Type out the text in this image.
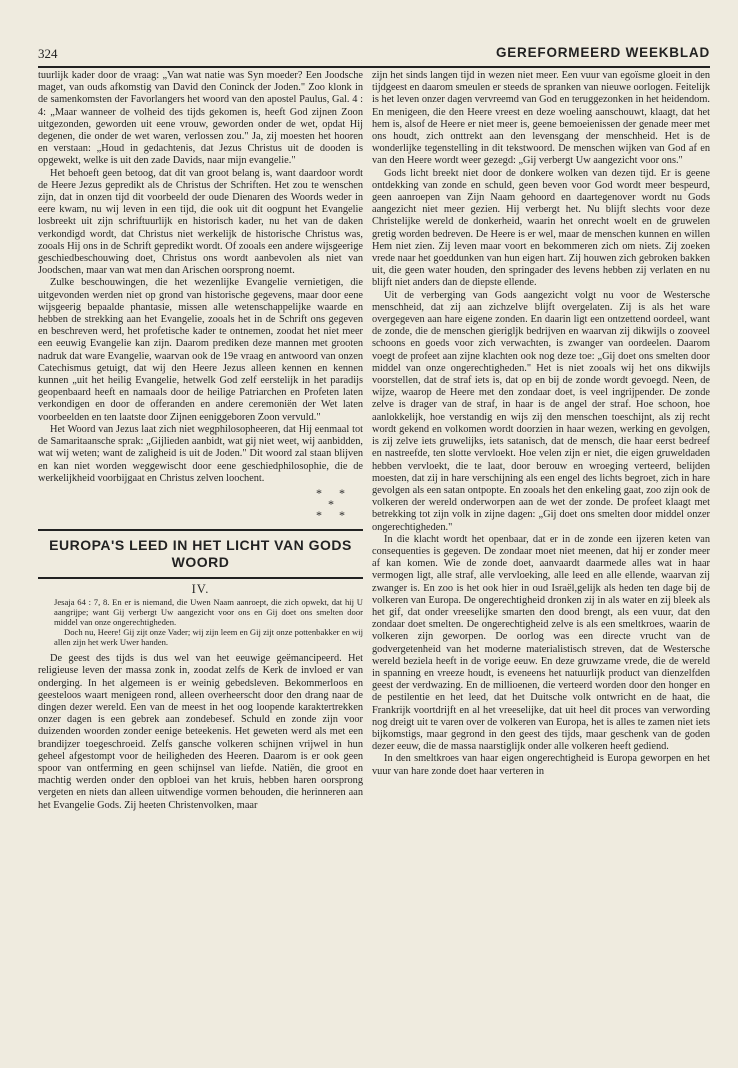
324	GEREFORMEERD WEEKBLAD

tuurlijk kader door de vraag: „Van wat natie was Syn moeder? Een Joodsche maget, van ouds afkomstig van David den Coninck der Joden." Zoo klonk in de samenkomsten der Favorlangers het woord van den apostel Paulus, Gal. 4 : 4: „Maar wanneer de volheid des tijds gekomen is, heeft God zijnen Zoon uitgezonden, geworden uit eene vrouw, geworden onder de wet, opdat Hij degenen, die onder de wet waren, verlossen zou." Ja, zij moesten het hooren en verstaan: „Houd in gedachtenis, dat Jezus Christus uit de dooden is opgewekt, welke is uit den zade Davids, naar mijn evangelie."

Het behoeft geen betoog, dat dit van groot belang is, want daardoor wordt de Heere Jezus gepredikt als de Christus der Schriften. Het zou te wenschen zijn, dat in onzen tijd dit voorbeeld der oude Dienaren des Woords weder in eere kwam, nu wij leven in een tijd, die ook uit dit oogpunt het Evangelie losbreekt uit zijn schriftuurlijk en historisch kader, nu het van de daken verkondigd wordt, dat Christus niet werkelijk de historische Christus was, zooals Hij ons in de Schrift gepredikt wordt. Of zooals een andere wijsgeerige geschiedbeschouwing doet, Christus ons wordt aanbevolen als niet van Joodschen, maar van wat men dan Arischen oorsprong noemt.

Zulke beschouwingen, die het wezenlijke Evangelie vernietigen, die uitgevonden werden niet op grond van historische gegevens, maar door eene wijsgeerig bepaalde phantasie, missen alle wetenschappelijke waarde en hebben de strekking aan het Evangelie, zooals het in de Schrift ons gegeven en beschreven werd, het profetische kader te ontnemen, zoodat het niet meer een eeuwig Evangelie kan zijn. Daarom prediken deze mannen met grooten nadruk dat ware Evangelie, waarvan ook de 19e vraag en antwoord van onzen Catechismus getuigt, dat wij den Heere Jezus alleen kennen en kennen kunnen „uit het heilig Evangelie, hetwelk God zelf eerstelijk in het paradijs geopenbaard heeft en namaals door de heilige Patriarchen en Profeten laten verkondigen en door de offeranden en andere ceremoniën der Wet laten voorbeelden en ten laatste door Zijnen eeniggeboren Zoon vervuld."

Het Woord van Jezus laat zich niet wegphilosopheeren, dat Hij eenmaal tot de Samaritaansche sprak: „Gijlieden aanbidt, wat gij niet weet, wij aanbidden, wat wij weten; want de zaligheid is uit de Joden." Dit woord zal staan blijven en kan niet worden weggewischt door eene geschiedphilosophie, die de werkelijkheid voorbijgaat en Christus zelven loochent.

* *
*
* *
EUROPA'S LEED IN HET LICHT VAN GODS WOORD
IV.

Jesaja 64 : 7, 8. En er is niemand, die Uwen Naam aanroept, die zich opwekt, dat hij U aangrijpe; want Gij verbergt Uw aangezicht voor ons en Gij doet ons smelten door middel van onze ongerechtigheden.

Doch nu, Heere! Gij zijt onze Vader; wij zijn leem en Gij zijt onze pottenbakker en wij allen zijn het werk Uwer handen.

De geest des tijds is dus wel van het eeuwige geëmancipeerd. Het religieuse leven der massa zonk in, zoodat zelfs de Kerk de invloed er van onderging. In het algemeen is er weinig gebedsleven. Bekommerloos en geesteloos waart menigeen rond, alleen overheerscht door den drang naar de dingen dezer wereld. Een van de meest in het oog loopende karaktertrekken onzer dagen is een gebrek aan zondebesef. Schuld en zonde zijn voor duizenden woorden zonder eenige beteekenis. Het geweten werd als met een brandijzer toegeschroeid. Zelfs gansche volkeren schijnen vrijwel in hun geheel afgestompt voor de heiligheden des Heeren. Daarom is er ook geen spoor van ontferming en geen schijnsel van liefde. Natiën, die groot en machtig werden onder den opbloei van het kruis, hebben haren oorsprong vergeten en niets dan alleen uitwendige vormen behouden, die herinneren aan het Evangelie Gods. Zij heeten Christenvolken, maar

zijn het sinds langen tijd in wezen niet meer. Een vuur van egoïsme gloeit in den tijdgeest en daarom smeulen er steeds de spranken van nieuwe oorlogen. Feitelijk is het leven onzer dagen vervreemd van God en teruggezonken in het heidendom. En menigeen, die den Heere vreest en deze woeling aanschouwt, klaagt, dat het hem is, alsof de Heere er niet meer is, geene bemoeienissen der genade meer met ons houdt, zich onttrekt aan den levensgang der menschheid. Het is de wonderlijke tegenstelling in dit tekstwoord. De menschen wijken van God af en van den Heere wordt weer gezegd: „Gij verbergt Uw aangezicht voor ons."

Gods licht breekt niet door de donkere wolken van dezen tijd. Er is geene ontdekking van zonde en schuld, geen beven voor God wordt meer bespeurd, geen aanroepen van Zijn Naam gehoord en daartegenover wordt nu Gods aangezicht niet meer gezien. Hij verbergt het. Nu blijft slechts voor deze Christelijke wereld de donkerheid, waarin het onrecht woelt en de gruwelen gretig worden bedreven. De Heere is er wel, maar de menschen kunnen en willen Hem niet zien. Zij leven maar voort en bekommeren zich om niets. Zij zoeken vrede naar het goeddunken van hun eigen hart. Zij houwen zich gebroken bakken uit, die geen water houden, den springader des levens hebben zij verlaten en nu blijft niet anders dan de diepste ellende.

Uit de verberging van Gods aangezicht volgt nu voor de Westersche menschheid, dat zij aan zichzelve blijft overgelaten. Zij is als het ware overgegeven aan hare eigene zonden. En daarin ligt een ontzettend oordeel, want de zonde, die de menschen gierigljk bedrijven en waarvan zij dikwijls o zooveel schoons en goeds voor zich verwachten, is zwanger van oordeelen. Daarom voegt de profeet aan zijne klachten ook nog deze toe: „Gij doet ons smelten door middel van onze ongerechtigheden." Het is niet zooals wij het ons dikwijls voorstellen, dat de straf iets is, dat op en bij de zonde wordt gevoegd. Neen, de wijze, waarop de Heere met den zondaar doet, is veel ingrijpender. De zonde zelve is drager van de straf, in haar is de angel der straf. Hoe schoon, hoe aanlokkelijk, hoe verstandig en wijs zij den menschen toeschijnt, als zij recht wordt gekend en volkomen wordt doorzien in haar wezen, werking en gevolgen, is zij zelve iets gruwelijks, iets satanisch, dat de mensch, die haar eerst bedreef en nastreefde, ten slotte vervloekt. Hoe velen zijn er niet, die eigen gruweldaden hebben vervloekt, die te laat, door berouw en wroeging verteerd, belijden moesten, dat zij in hare verschijning als een engel des lichts begroet, zich in hare gevolgen als een satan ontpopte. En zooals het den enkeling gaat, zoo zijn ook de volkeren der wereld onderworpen aan de wet der zonde. De profeet klaagt met betrekking tot zijn volk in zijne dagen: „Gij doet ons smelten door middel onzer ongerechtigheden."

In die klacht wordt het openbaar, dat er in de zonde een ijzeren keten van consequenties is gegeven. De zondaar moet niet meenen, dat hij er zonder meer af kan komen. Wie de zonde doet, aanvaardt daarmede alles wat in haar vermogen ligt, alle straf, alle vervloeking, alle leed en alle ellende, waarvan zij zwanger is. En zoo is het ook hier in oud Israël,gelijk als heden ten dage bij de volkeren van Europa. De ongerechtigheid dronken zij in als water en zij bleek als het gif, dat onder vreeselijke smarten den dood brengt, als een vuur, dat den zondaar doet smelten. De ongerechtigheid zelve is als een smeltkroes, waarin de volkeren zijn geworpen. De oorlog was een directe vrucht van de godvergetenheid van het moderne materialistisch streven, dat de Westersche wereld beziela heeft in de vorige eeuw. En deze gruwzame vrede, die de wereld in spanning en vreeze houdt, is eveneens het natuurlijk product van dienzelfden geest der verdwazing. En de millioenen, die verteerd worden door den honger en de pestilentie en het leed, dat het Duitsche volk ontwricht en de haat, die Frankrijk voortdrijft en al het vreeselijke, dat uit heel dit proces van verwording nog dreigt uit te varen over de volkeren van Europa, het is alles te zamen niet iets bijkomstigs, maar gegrond in den geest des tijds, maar geschenk van de goden dezer eeuw, die de massa naarstiglijk onder alle volkeren heeft gediend.

In den smeltkroes van haar eigen ongerechtigheid is Europa geworpen en het vuur van hare zonde doet haar verteren in
